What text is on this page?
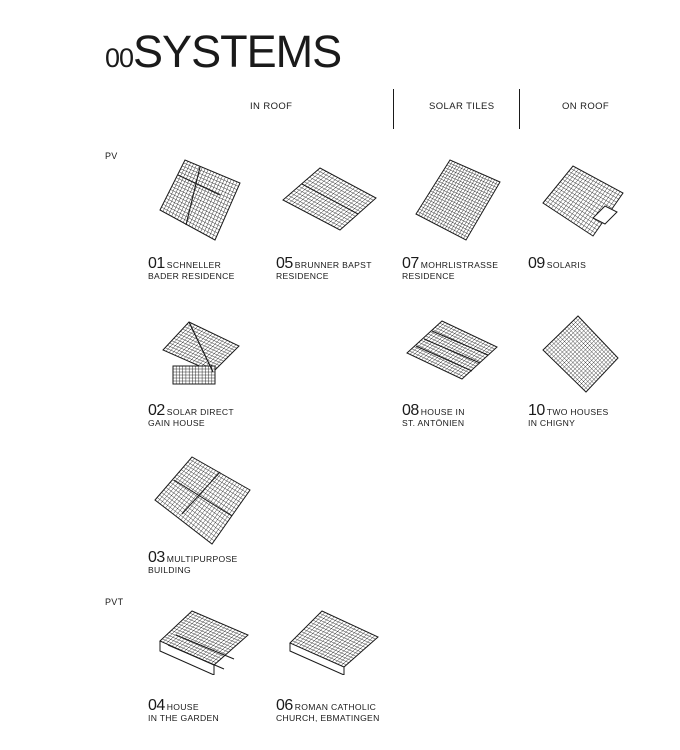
00SYSTEMS
IN ROOF	SOLAR TILES	ON ROOF
PV
PVT
01 SCHNELLER
BADER RESIDENCE
05 BRUNNER BAPST
RESIDENCE
07 MOHRLISTRASSE
RESIDENCE
09 SOLARIS
02 SOLAR DIRECT
GAIN HOUSE
08 HOUSE IN
ST. ANTÖNIEN
10 TWO HOUSES
IN CHIGNY
03 MULTIPURPOSE
BUILDING
04 HOUSE
IN THE GARDEN
06 ROMAN CATHOLIC
CHURCH, EBMATINGEN
